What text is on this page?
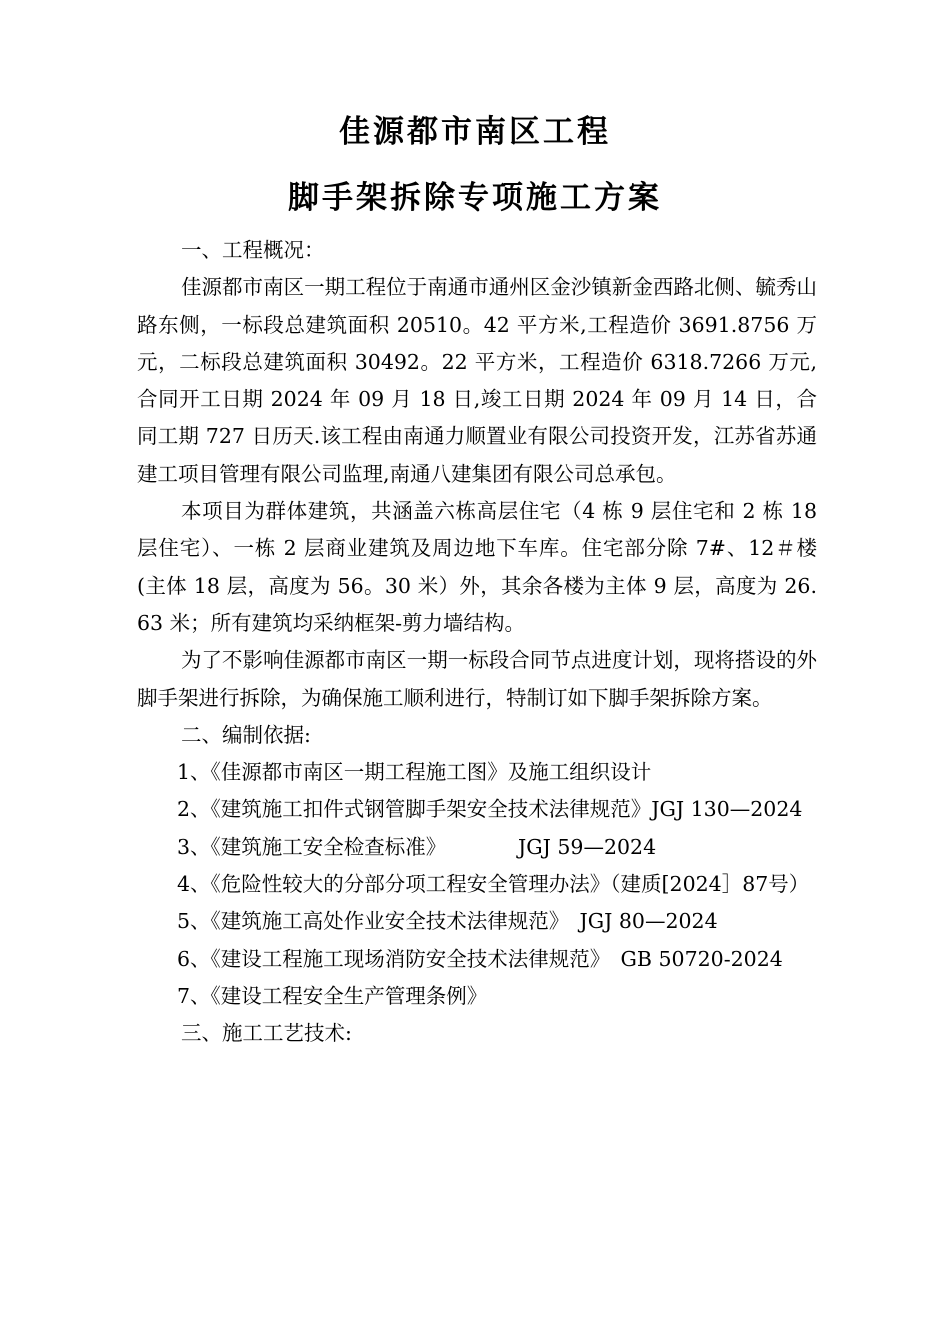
佳源都市南区工程
脚手架拆除专项施工方案

一、工程概况：

佳源都市南区一期工程位于南通市通州区金沙镇新金西路北侧、毓秀山路东侧，一标段总建筑面积 20510。42 平方米,工程造价 3691.8756 万元，二标段总建筑面积 30492。22 平方米，工程造价 6318.7266 万元,合同开工日期 2024 年 09 月 18 日,竣工日期 2024 年 09 月 14 日，合同工期 727 日历天.该工程由南通力顺置业有限公司投资开发，江苏省苏通建工项目管理有限公司监理,南通八建集团有限公司总承包。

本项目为群体建筑，共涵盖六栋高层住宅（4 栋 9 层住宅和 2 栋 18 层住宅）、一栋 2 层商业建筑及周边地下车库。住宅部分除 7#、12＃楼(主体 18 层，高度为 56。30 米）外，其余各楼为主体 9 层，高度为 26. 63 米；所有建筑均采纳框架-剪力墙结构。

为了不影响佳源都市南区一期一标段合同节点进度计划，现将搭设的外脚手架进行拆除，为确保施工顺利进行，特制订如下脚手架拆除方案。

二、编制依据:

1、《佳源都市南区一期工程施工图》及施工组织设计

2、《建筑施工扣件式钢管脚手架安全技术法律规范》JGJ 130—2024

3、《建筑施工安全检查标准》　　　　JGJ 59—2024

4、《危险性较大的分部分项工程安全管理办法》（建质[2024］87号）

5、《建筑施工高处作业安全技术法律规范》　JGJ 80—2024

6、《建设工程施工现场消防安全技术法律规范》　GB 50720-2024

7、《建设工程安全生产管理条例》

三、施工工艺技术:
